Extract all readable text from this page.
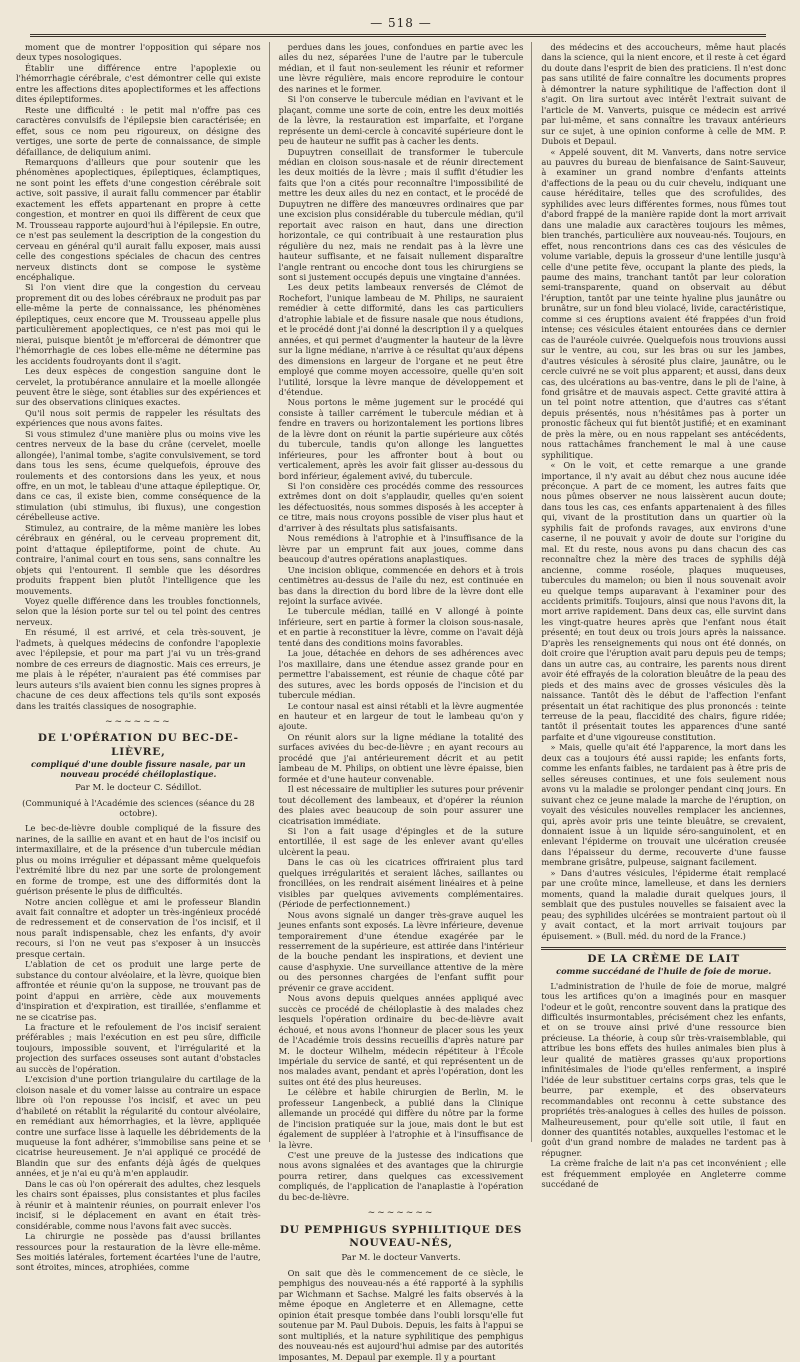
— 518 —

moment que de montrer l'opposition qui sépare nos deux types nosologiques.

Établir une différence entre l'apoplexie ou l'hémorrhagie cérébrale, c'est démontrer celle qui existe entre les affections dites apoplectiformes et les affections dites épileptiformes.

Reste une difficulté : le petit mal n'offre pas ces caractères convulsifs de l'épilepsie bien caractérisée; en effet, sous ce nom peu rigoureux, on désigne des vertiges, une sorte de perte de connaissance, de simple défaillance, de deliquium animi.

Remarquons d'ailleurs que pour soutenir que les phénomènes apoplectiques, épileptiques, éclamptiques, ne sont point les effets d'une congestion cérébrale soit active, soit passive, il aurait fallu commencer par établir exactement les effets appartenant en propre à cette congestion, et montrer en quoi ils diffèrent de ceux que M. Trousseau rapporte aujourd'hui à l'épilepsie. En outre, ce n'est pas seulement la description de la congestion du cerveau en général qu'il aurait fallu exposer, mais aussi celle des congestions spéciales de chacun des centres nerveux distincts dont se compose le système encéphalique.

Si l'on vient dire que la congestion du cerveau proprement dit ou des lobes cérébraux ne produit pas par elle-même la perte de connaissance, les phénomènes épileptiques, ceux encore que M. Trousseau appelle plus particulièrement apoplectiques, ce n'est pas moi qui le nierai, puisque bientôt je m'efforcerai de démontrer que l'hémorrhagie de ces lobes elle-même ne détermine pas les accidents foudroyants dont il s'agit.

Les deux espèces de congestion sanguine dont le cervelet, la protubérance annulaire et la moelle allongée peuvent être le siège, sont établies sur des expériences et sur des observations cliniques exactes.

Qu'il nous soit permis de rappeler les résultats des expériences que nous avons faites.

Si vous stimulez d'une manière plus ou moins vive les centres nerveux de la base du crâne (cervelet, moelle allongée), l'animal tombe, s'agite convulsivement, se tord dans tous les sens, écume quelquefois, éprouve des roulements et des contorsions dans les yeux, et nous offre, en un mot, le tableau d'une attaque épileptique. Or, dans ce cas, il existe bien, comme conséquence de la stimulation (ubi stimulus, ibi fluxus), une congestion cérébelleuse active.

Stimulez, au contraire, de la même manière les lobes cérébraux en général, ou le cerveau proprement dit, point d'attaque épileptiforme, point de chute. Au contraire, l'animal court en tous sens, sans connaître les objets qui l'entourent. Il semble que les désordres produits frappent bien plutôt l'intelligence que les mouvements.

Voyez quelle différence dans les troubles fonctionnels, selon que la lésion porte sur tel ou tel point des centres nerveux.

En résumé, il est arrivé, et cela très-souvent, je l'admets, à quelques médecins de confondre l'apoplexie avec l'épilepsie, et pour ma part j'ai vu un très-grand nombre de ces erreurs de diagnostic. Mais ces erreurs, je me plais à le répéter, n'auraient pas été commises par leurs auteurs s'ils avaient bien connu les signes propres à chacune de ces deux affections tels qu'ils sont exposés dans les traités classiques de nosographie.

~~~~~~~
DE L'OPÉRATION DU BEC-DE-LIÈVRE,
compliqué d'une double fissure nasale, par un nouveau procédé chéiloplastique.
Par M. le docteur C. Sédillot.
(Communiqué à l'Académie des sciences (séance du 28 octobre).

Le bec-de-lièvre double compliqué de la fissure des narines, de la saillie en avant et en haut de l'os incisif ou intermaxillaire, et de la présence d'un tubercule médian plus ou moins irrégulier et dépassant même quelquefois l'extrémité libre du nez par une sorte de prolongement en forme de trompe, est une des difformités dont la guérison présente le plus de difficultés.

Notre ancien collègue et ami le professeur Blandin avait fait connaître et adopter un très-ingénieux procédé de redressement et de conservation de l'os incisif, et il nous paraît indispensable, chez les enfants, d'y avoir recours, si l'on ne veut pas s'exposer à un insuccès presque certain.

L'ablation de cet os produit une large perte de substance du contour alvéolaire, et la lèvre, quoique bien affrontée et réunie qu'on la suppose, ne trouvant pas de point d'appui en arrière, cède aux mouvements d'inspiration et d'expiration, est tiraillée, s'enflamme et ne se cicatrise pas.

La fracture et le refoulement de l'os incisif seraient préférables ; mais l'exécution en est peu sûre, difficile toujours, impossible souvent, et l'irrégularité et la projection des surfaces osseuses sont autant d'obstacles au succès de l'opération.

L'excision d'une portion triangulaire du cartilage de la cloison nasale et du vomer laisse au contraire un espace libre où l'on repousse l'os incisif, et avec un peu d'habileté on rétablit la régularité du contour alvéolaire, en remédiant aux hémorrhagies, et la lèvre, appliquée contre une surface lisse à laquelle les débridements de la muqueuse la font adhérer, s'immobilise sans peine et se cicatrise heureusement. Je n'ai appliqué ce procédé de Blandin que sur des enfants déjà âgés de quelques années, et je n'ai eu qu'à m'en applaudir.

Dans le cas où l'on opérerait des adultes, chez lesquels les chairs sont épaisses, plus consistantes et plus faciles à réunir et à maintenir réunies, on pourrait enlever l'os incisif, si le déplacement en avant en était très-considérable, comme nous l'avons fait avec succès.

La chirurgie ne possède pas d'aussi brillantes ressources pour la restauration de la lèvre elle-même. Ses moitiés latérales, fortement écartées l'une de l'autre, sont étroites, minces, atrophiées, comme

perdues dans les joues, confondues en partie avec les ailes du nez, séparées l'une de l'autre par le tubercule médian, et il faut non-seulement les réunir et reformer une lèvre régulière, mais encore reproduire le contour des narines et le former.

Si l'on conserve le tubercule médian en l'avivant et le plaçant, comme une sorte de coin, entre les deux moitiés de la lèvre, la restauration est imparfaite, et l'organe représente un demi-cercle à concavité supérieure dont le peu de hauteur ne suffit pas à cacher les dents.

Dupuytren conseillait de transformer le tubercule médian en cloison sous-nasale et de réunir directement les deux moitiés de la lèvre ; mais il suffit d'étudier les faits que l'on a cités pour reconnaître l'impossibilité de mettre les deux ailes du nez en contact, et le procédé de Dupuytren ne diffère des manœuvres ordinaires que par une excision plus considérable du tubercule médian, qu'il reportait avec raison en haut, dans une direction horizontale, ce qui contribuait à une restauration plus régulière du nez, mais ne rendait pas à la lèvre une hauteur suffisante, et ne faisait nullement disparaître l'angle rentrant ou encoche dont tous les chirurgiens se sont si justement occupés depuis une vingtaine d'années.

Les deux petits lambeaux renversés de Clémot de Rochefort, l'unique lambeau de M. Philips, ne sauraient remédier à cette difformité, dans les cas particuliers d'atrophie labiale et de fissure nasale que nous étudions, et le procédé dont j'ai donné la description il y a quelques années, et qui permet d'augmenter la hauteur de la lèvre sur la ligne médiane, n'arrive à ce résultat qu'aux dépens des dimensions en largeur de l'organe et ne peut être employé que comme moyen accessoire, quelle qu'en soit l'utilité, lorsque la lèvre manque de développement et d'étendue.

Nous portons le même jugement sur le procédé qui consiste à tailler carrément le tubercule médian et à fendre en travers ou horizontalement les portions libres de la lèvre dont on réunit la partie supérieure aux côtés du tubercule, tandis qu'on allonge les languettes inférieures, pour les affronter bout à bout ou verticalement, après les avoir fait glisser au-dessous du bord inférieur, également avivé, du tubercule.

Si l'on considère ces procédés comme des ressources extrêmes dont on doit s'applaudir, quelles qu'en soient les défectuosités, nous sommes disposés à les accepter à ce titre, mais nous croyons possible de viser plus haut et d'arriver à des résultats plus satisfaisants.

Nous remédions à l'atrophie et à l'insuffisance de la lèvre par un emprunt fait aux joues, comme dans beaucoup d'autres opérations anaplastiques.

Une incision oblique, commencée en dehors et à trois centimètres au-dessus de l'aile du nez, est continuée en bas dans la direction du bord libre de la lèvre dont elle rejoint la surface avivée.

Le tubercule médian, taillé en V allongé à pointe inférieure, sert en partie à former la cloison sous-nasale, et en partie à reconstituer la lèvre, comme on l'avait déjà tenté dans des conditions moins favorables.

La joue, détachée en dehors de ses adhérences avec l'os maxillaire, dans une étendue assez grande pour en permettre l'abaissement, est réunie de chaque côté par des sutures, avec les bords opposés de l'incision et du tubercule médian.

Le contour nasal est ainsi rétabli et la lèvre augmentée en hauteur et en largeur de tout le lambeau qu'on y ajoute.

On réunit alors sur la ligne médiane la totalité des surfaces avivées du bec-de-lièvre ; en ayant recours au procédé que j'ai antérieurement décrit et au petit lambeau de M. Philips, on obtient une lèvre épaisse, bien formée et d'une hauteur convenable.

Il est nécessaire de multiplier les sutures pour prévenir tout décollement des lambeaux, et d'opérer la réunion des plaies avec beaucoup de soin pour assurer une cicatrisation immédiate.

Si l'on a fait usage d'épingles et de la suture entortillée, il est sage de les enlever avant qu'elles ulcèrent la peau.

Dans le cas où les cicatrices offriraient plus tard quelques irrégularités et seraient lâches, saillantes ou froncillées, on les rendrait aisément linéaires et à peine visibles par quelques avivements complémentaires. (Période de perfectionnement.)

Nous avons signalé un danger très-grave auquel les jeunes enfants sont exposés. La lèvre inférieure, devenue temporairement d'une étendue exagérée par le resserrement de la supérieure, est attirée dans l'intérieur de la bouche pendant les inspirations, et devient une cause d'asphyxie. Une surveillance attentive de la mère ou des personnes chargées de l'enfant suffit pour prévenir ce grave accident.

Nous avons depuis quelques années appliqué avec succès ce procédé de chéiloplastie à des malades chez lesquels l'opération ordinaire du bec-de-lièvre avait échoué, et nous avons l'honneur de placer sous les yeux de l'Académie trois dessins recueillis d'après nature par M. le docteur Wilhelm, médecin répétiteur à l'École impériale du service de santé, et qui représentent un de nos malades avant, pendant et après l'opération, dont les suites ont été des plus heureuses.

Le célèbre et habile chirurgien de Berlin, M. le professeur Langenbeck, a publié dans la Clinique allemande un procédé qui diffère du nôtre par la forme de l'incision pratiquée sur la joue, mais dont le but est également de suppléer à l'atrophie et à l'insuffisance de la lèvre.

C'est une preuve de la justesse des indications que nous avons signalées et des avantages que la chirurgie pourra retirer, dans quelques cas excessivement compliqués, de l'application de l'anaplastie à l'opération du bec-de-lièvre.

~~~~~~~
DU PEMPHIGUS SYPHILITIQUE DES NOUVEAU-NÉS,
Par M. le docteur Vanverts.

On sait que dès le commencement de ce siècle, le pemphigus des nouveau-nés a été rapporté à la syphilis par Wichmann et Sachse. Malgré les faits observés à la même époque en Angleterre et en Allemagne, cette opinion était presque tombée dans l'oubli lorsqu'elle fut soutenue par M. Paul Dubois. Depuis, les faits à l'appui se sont multipliés, et la nature syphilitique des pemphigus des nouveau-nés est aujourd'hui admise par des autorités imposantes, M. Depaul par exemple. Il y a pourtant

des médecins et des accoucheurs, même haut placés dans la science, qui la nient encore, et il reste à cet égard du doute dans l'esprit de bien des praticiens. Il n'est donc pas sans utilité de faire connaître les documents propres à démontrer la nature syphilitique de l'affection dont il s'agit. On lira surtout avec intérêt l'extrait suivant de l'article de M. Vanverts, puisque ce médecin est arrivé par lui-même, et sans connaître les travaux antérieurs sur ce sujet, à une opinion conforme à celle de MM. P. Dubois et Depaul.

« Appelé souvent, dit M. Vanverts, dans notre service au pauvres du bureau de bienfaisance de Saint-Sauveur, à examiner un grand nombre d'enfants atteints d'affections de la peau ou du cuir chevelu, indiquant une cause héréditaire, telles que des scrofulides, des syphilides avec leurs différentes formes, nous fûmes tout d'abord frappé de la manière rapide dont la mort arrivait dans une maladie aux caractères toujours les mêmes, bien tranchés, particulière aux nouveau-nés. Toujours, en effet, nous rencontrions dans ces cas des vésicules de volume variable, depuis la grosseur d'une lentille jusqu'à celle d'une petite fève, occupant la plante des pieds, la paume des mains, tranchant tantôt par leur coloration semi-transparente, quand on observait au début l'éruption, tantôt par une teinte hyaline plus jaunâtre ou brunâtre, sur un fond bleu violacé, livide, caractéristique, comme si ces éruptions avaient été frappées d'un froid intense; ces vésicules étaient entourées dans ce dernier cas de l'auréole cuivrée. Quelquefois nous trouvions aussi sur le ventre, au cou, sur les bras ou sur les jambes, d'autres vésicules à sérosité plus claire, jaunâtre, ou le cercle cuivré ne se voit plus apparent; et aussi, dans deux cas, des ulcérations au bas-ventre, dans le pli de l'aine, à fond grisâtre et de mauvais aspect. Cette gravité attira à un tel point notre attention, que d'autres cas s'étant depuis présentés, nous n'hésitâmes pas à porter un pronostic fâcheux qui fut bientôt justifié; et en examinant de près la mère, ou en nous rappelant ses antécédents, nous rattachâmes franchement le mal à une cause syphilitique.

« On le voit, et cette remarque a une grande importance, il n'y avait au début chez nous aucune idée préconçue. A part de ce moment, les autres faits que nous pûmes observer ne nous laissèrent aucun doute; dans tous les cas, ces enfants appartenaient à des filles qui, vivant de la prostitution dans un quartier où la syphilis fait de profonds ravages, aux environs d'une caserne, il ne pouvait y avoir de doute sur l'origine du mal. Et du reste, nous avons pu dans chacun des cas reconnaître chez la mère des traces de syphilis déjà ancienne, comme roséole, plaques muqueuses, tubercules du mamelon; ou bien il nous souvenait avoir eu quelque temps auparavant à l'examiner pour des accidents primitifs. Toujours, ainsi que nous l'avons dit, la mort arrive rapidement. Dans deux cas, elle survint dans les vingt-quatre heures après que l'enfant nous était présenté; en tout deux ou trois jours après la naissance. D'après les renseignements qui nous ont été donnés, on doit croire que l'éruption avait paru depuis peu de temps; dans un autre cas, au contraire, les parents nous dirent avoir été effrayés de la coloration bleuâtre de la peau des pieds et des mains avec de grosses vésicules dès la naissance. Tantôt dès le début de l'affection l'enfant présentait un état rachitique des plus prononcés : teinte terreuse de la peau, flaccidité des chairs, figure ridée; tantôt il présentait toutes les apparences d'une santé parfaite et d'une vigoureuse constitution.

» Mais, quelle qu'ait été l'apparence, la mort dans les deux cas a toujours été aussi rapide; les enfants forts, comme les enfants faibles, ne tardaient pas à être pris de selles séreuses continues, et une fois seulement nous avons vu la maladie se prolonger pendant cinq jours. En suivant chez ce jeune malade la marche de l'éruption, on voyait des vésicules nouvelles remplacer les anciennes, qui, après avoir pris une teinte bleuâtre, se crevaient, donnaient issue à un liquide séro-sanguinolent, et en enlevant l'épiderme on trouvait une ulcération creusée dans l'épaisseur du derme, recouverte d'une fausse membrane grisâtre, pulpeuse, saignant facilement.

» Dans d'autres vésicules, l'épiderme était remplacé par une croûte mince, lamelleuse, et dans les derniers moments, quand la maladie durait quelques jours, il semblait que des pustules nouvelles se faisaient avec la peau; des syphilides ulcérées se montraient partout où il y avait contact, et la mort arrivait toujours par épuisement. » (Bull. méd. du nord de la France.)

DE LA CRÈME DE LAIT
comme succédané de l'huile de foie de morue.

L'administration de l'huile de foie de morue, malgré tous les artifices qu'on a imaginés pour en masquer l'odeur et le goût, rencontre souvent dans la pratique des difficultés insurmontables, précisément chez les enfants, et on se trouve ainsi privé d'une ressource bien précieuse. La théorie, à coup sûr très-vraisemblable, qui attribue les bons effets des huiles animales bien plus à leur qualité de matières grasses qu'aux proportions infinitésimales de l'iode qu'elles renferment, a inspiré l'idée de leur substituer certains corps gras, tels que le beurre, par exemple, et des observateurs recommandables ont reconnu à cette substance des propriétés très-analogues à celles des huiles de poisson. Malheureusement, pour qu'elle soit utile, il faut en donner des quantités notables, auxquelles l'estomac et le goût d'un grand nombre de malades ne tardent pas à répugner.

La crème fraîche de lait n'a pas cet inconvénient ; elle est fréquemment employée en Angleterre comme succédané de
